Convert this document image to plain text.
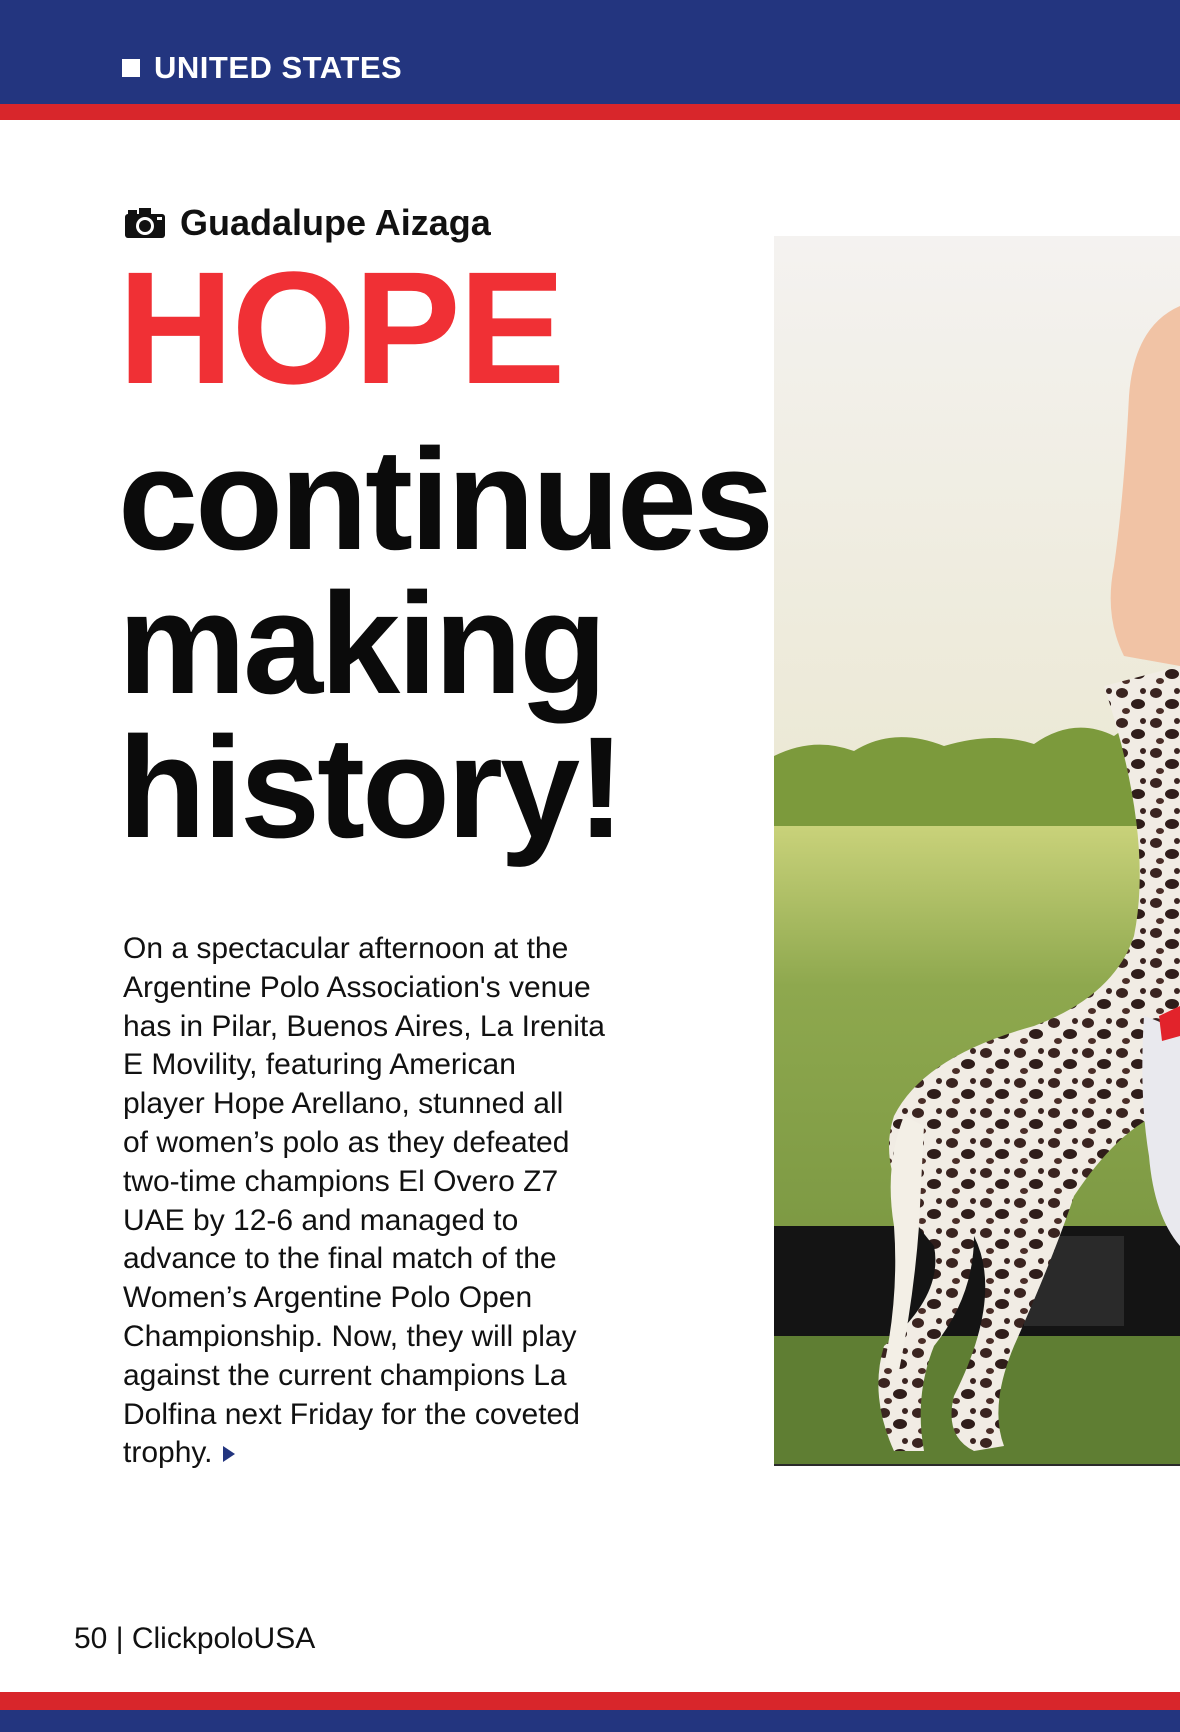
UNITED STATES
Guadalupe Aizaga
HOPE
continues
making
history!
On a spectacular afternoon at the
Argentine Polo Association's venue
has in Pilar, Buenos Aires, La Irenita
E Movility, featuring American
player Hope Arellano, stunned all
of women’s polo as they defeated
two-time champions El Overo Z7
UAE by 12-6 and managed to
advance to the final match of the
Women’s Argentine Polo Open
Championship. Now, they will play
against the current champions La
Dolfina next Friday for the coveted
trophy.
50 | ClickpoloUSA
